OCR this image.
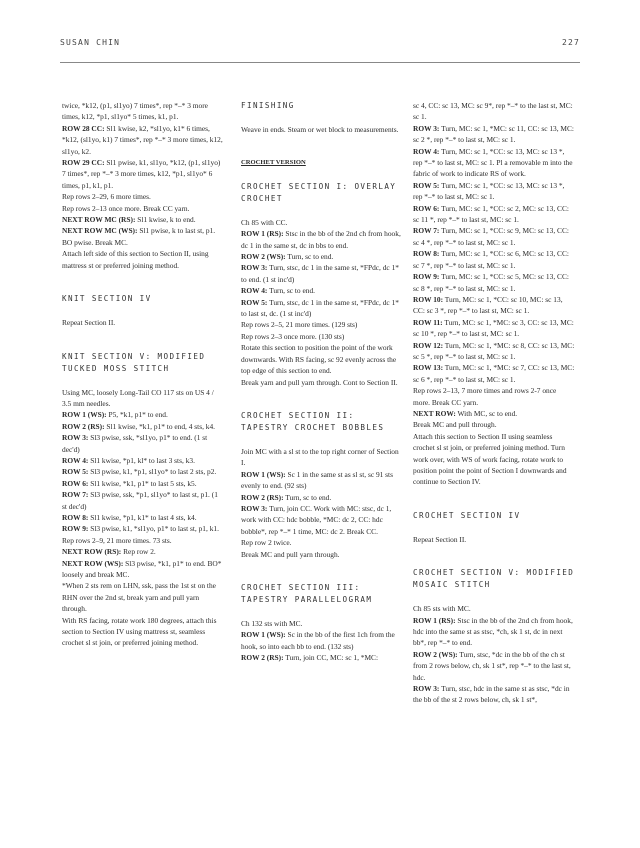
SUSAN CHIN	227

twice, *k12, (p1, sl1yo) 7 times*, rep *–* 3 more times, k12, *p1, sl1yo* 5 times, k1, p1.

ROW 28 CC: Sl1 kwise, k2, *sl1yo, k1* 6 times, *k12, (sl1yo, k1) 7 times*, rep *–* 3 more times, k12, sl1yo, k2.

ROW 29 CC: Sl1 pwise, k1, sl1yo, *k12, (p1, sl1yo) 7 times*, rep *–* 3 more times, k12, *p1, sl1yo* 6 times, p1, k1, p1.

Rep rows 2–29, 6 more times.

Rep rows 2–13 once more. Break CC yarn.

NEXT ROW MC (RS): Sl1 kwise, k to end.

NEXT ROW MC (WS): Sl1 pwise, k to last st, p1.

BO pwise. Break MC.

Attach left side of this section to Section II, using mattress st or preferred joining method.

KNIT SECTION IV

Repeat Section II.

KNIT SECTION V: MODIFIED TUCKED MOSS STITCH

Using MC, loosely Long-Tail CO 117 sts on US 4 / 3.5 mm needles.

ROW 1 (WS): P5, *k1, p1* to end.

ROW 2 (RS): Sl1 kwise, *k1, p1* to end, 4 sts, k4.

ROW 3: Sl3 pwise, ssk, *sl1yo, p1* to end. (1 st dec'd)

ROW 4: Sl1 kwise, *p1, kl* to last 3 sts, k3.

ROW 5: Sl3 pwise, k1, *p1, sl1yo* to last 2 sts, p2.

ROW 6: Sl1 kwise, *k1, p1* to last 5 sts, k5.

ROW 7: Sl3 pwise, ssk, *p1, sl1yo* to last st, p1. (1 st dec'd)

ROW 8: Sl1 kwise, *p1, k1* to last 4 sts, k4.

ROW 9: Sl3 pwise, k1, *sl1yo, p1* to last st, p1, k1.

Rep rows 2–9, 21 more times. 73 sts.

NEXT ROW (RS): Rep row 2.

NEXT ROW (WS): Sl3 pwise, *k1, p1* to end. BO* loosely and break MC.

*When 2 sts rem on LHN, ssk, pass the 1st st on the RHN over the 2nd st, break yarn and pull yarn through.

With RS facing, rotate work 180 degrees, attach this section to Section IV using mattress st, seamless crochet sl st join, or preferred joining method.

FINISHING

Weave in ends. Steam or wet block to measurements.

CROCHET VERSION

CROCHET SECTION I: OVERLAY CROCHET

Ch 85 with CC.

ROW 1 (RS): Stsc in the bb of the 2nd ch from hook, dc 1 in the same st, dc in bbs to end.

ROW 2 (WS): Turn, sc to end.

ROW 3: Turn, stsc, dc 1 in the same st, *FPdc, dc 1* to end. (1 st inc'd)

ROW 4: Turn, sc to end.

ROW 5: Turn, stsc, dc 1 in the same st, *FPdc, dc 1* to last st, dc. (1 st inc'd)

Rep rows 2–5, 21 more times. (129 sts)

Rep rows 2–3 once more. (130 sts)

Rotate this section to position the point of the work downwards. With RS facing, sc 92 evenly across the top edge of this section to end.

Break yarn and pull yarn through. Cont to Section II.

CROCHET SECTION II: TAPESTRY CROCHET BOBBLES

Join MC with a sl st to the top right corner of Section I.

ROW 1 (WS): Sc 1 in the same st as sl st, sc 91 sts evenly to end. (92 sts)

ROW 2 (RS): Turn, sc to end.

ROW 3: Turn, join CC. Work with MC: stsc, dc 1, work with CC: hdc bobble, *MC: dc 2, CC: hdc bobble*, rep *–* 1 time, MC: dc 2. Break CC.

Rep row 2 twice.

Break MC and pull yarn through.

CROCHET SECTION III: TAPESTRY PARALLELOGRAM

Ch 132 sts with MC.

ROW 1 (WS): Sc in the bb of the first 1ch from the hook, so into each bb to end. (132 sts)

ROW 2 (RS): Turn, join CC, MC: sc 1, *MC:

sc 4, CC: sc 13, MC: sc 9*, rep *–* to the last st, MC: sc 1.

ROW 3: Turn, MC: sc 1, *MC: sc 11, CC: sc 13, MC: sc 2 *, rep *–* to last st, MC: sc 1.

ROW 4: Turn, MC: sc 1, *CC: sc 13, MC: sc 13 *, rep *–* to last st, MC: sc 1. Pl a removable m into the fabric of work to indicate RS of work.

ROW 5: Turn, MC: sc 1, *CC: sc 13, MC: sc 13 *, rep *–* to last st, MC: sc 1.

ROW 6: Turn, MC: sc 1, *CC: sc 2, MC: sc 13, CC: sc 11 *, rep *–* to last st, MC: sc 1.

ROW 7: Turn, MC: sc 1, *CC: sc 9, MC: sc 13, CC: sc 4 *, rep *–* to last st, MC: sc 1.

ROW 8: Turn, MC: sc 1, *CC: sc 6, MC: sc 13, CC: sc 7 *, rep *–* to last st, MC: sc 1.

ROW 9: Turn, MC: sc 1, *CC: sc 5, MC: sc 13, CC: sc 8 *, rep *–* to last st, MC: sc 1.

ROW 10: Turn, MC: sc 1, *CC: sc 10, MC: sc 13, CC: sc 3 *, rep *–* to last st, MC: sc 1.

ROW 11: Turn, MC: sc 1, *MC: sc 3, CC: sc 13, MC: sc 10 *, rep *–* to last st, MC: sc 1.

ROW 12: Turn, MC: sc 1, *MC: sc 8, CC: sc 13, MC: sc 5 *, rep *–* to last st, MC: sc 1.

ROW 13: Turn, MC: sc 1, *MC: sc 7, CC: sc 13, MC: sc 6 *, rep *–* to last st, MC: sc 1.

Rep rows 2–13, 7 more times and rows 2-7 once more. Break CC yarn.

NEXT ROW: With MC, sc to end.

Break MC and pull through.

Attach this section to Section II using seamless crochet sl st join, or preferred joining method. Turn work over, with WS of work facing, rotate work to position point the point of Section I downwards and continue to Section IV.

CROCHET SECTION IV

Repeat Section II.

CROCHET SECTION V: MODIFIED MOSAIC STITCH

Ch 85 sts with MC.

ROW 1 (RS): Stsc in the bb of the 2nd ch from hook, hdc into the same st as stsc, *ch, sk 1 st, dc in next bb*, rep *–* to end.

ROW 2 (WS): Turn, stsc, *dc in the bb of the ch st from 2 rows below, ch, sk 1 st*, rep *–* to the last st, hdc.

ROW 3: Turn, stsc, hdc in the same st as stsc, *dc in the bb of the st 2 rows below, ch, sk 1 st*,
